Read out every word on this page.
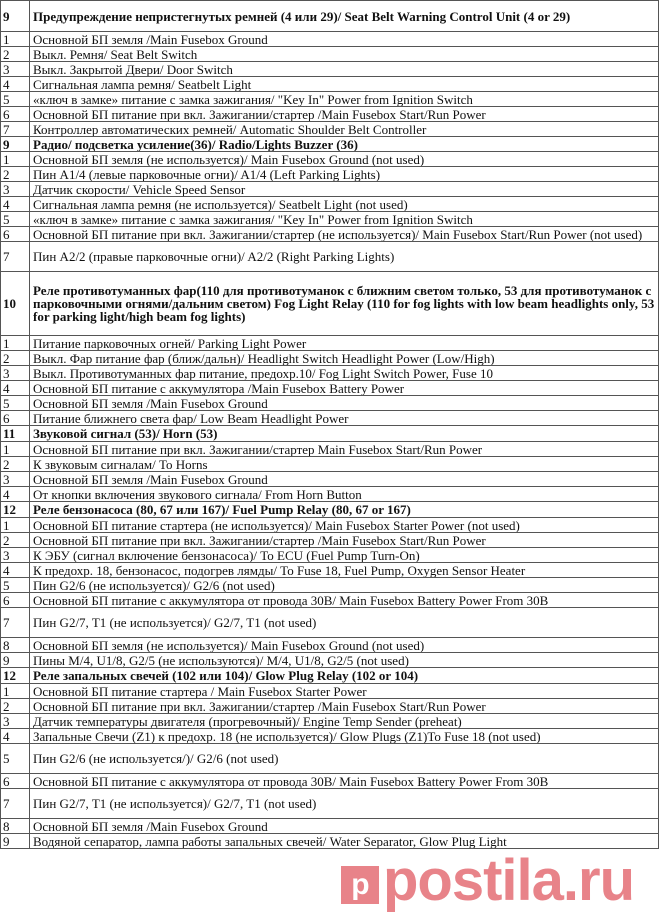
9	Предупреждение непристегнутых ремней (4 или 29)/ Seat Belt Warning Control Unit (4 or 29)
1	Основной БП земля /Main Fusebox Ground
2	Выкл. Ремня/ Seat Belt Switch
3	Выкл. Закрытой Двери/ Door Switch
4	Сигнальная лампа ремня/ Seatbelt Light
5	«ключ в замке» питание с замка зажигания/ "Key In" Power from Ignition Switch
6	Основной БП питание при вкл. Зажигании/стартер /Main Fusebox Start/Run Power
7	Контроллер автоматических ремней/ Automatic Shoulder Belt Controller
9	Радио/ подсветка усиление(36)/ Radio/Lights Buzzer (36)
1	Основной БП земля (не используется)/ Main Fusebox Ground (not used)
2	Пин A1/4 (левые парковочные огни)/ A1/4 (Left Parking Lights)
3	Датчик скорости/ Vehicle Speed Sensor
4	Сигнальная лампа ремня (не используется)/ Seatbelt Light (not used)
5	«ключ в замке» питание с замка зажигания/ "Key In" Power from Ignition Switch
6	Основной БП питание при вкл. Зажигании/стартер (не используется)/ Main Fusebox Start/Run Power (not used)
7	Пин A2/2 (правые парковочные огни)/ A2/2 (Right Parking Lights)
10	Реле противотуманных фар(110 для противотуманок с ближним светом только, 53 для противотуманок с парковочными огнями/дальним светом) Fog Light Relay (110 for fog lights with low beam headlights only, 53 for parking light/high beam fog lights)
1	Питание парковочных огней/ Parking Light Power
2	Выкл. Фар питание фар (ближ/дальн)/ Headlight Switch Headlight Power (Low/High)
3	Выкл. Противотуманных фар питание, предохр.10/ Fog Light Switch Power, Fuse 10
4	Основной БП питание с аккумулятора /Main Fusebox Battery Power
5	Основной БП земля /Main Fusebox Ground
6	Питание ближнего света фар/ Low Beam Headlight Power
11	Звуковой сигнал (53)/ Horn (53)
1	Основной БП питание при вкл. Зажигании/стартер Main Fusebox Start/Run Power
2	К звуковым сигналам/ To Horns
3	Основной БП земля /Main Fusebox Ground
4	От кнопки включения звукового сигнала/ From Horn Button
12	Реле бензонасоса (80, 67 или 167)/ Fuel Pump Relay (80, 67 or 167)
1	Основной БП питание стартера (не используется)/ Main Fusebox Starter Power (not used)
2	Основной БП питание при вкл. Зажигании/стартер /Main Fusebox Start/Run Power
3	К ЭБУ (сигнал включение бензонасоса)/ To ECU (Fuel Pump Turn-On)
4	К предохр. 18, бензонасос, подогрев лямды/ To Fuse 18, Fuel Pump, Oxygen Sensor Heater
5	Пин G2/6 (не используется)/ G2/6 (not used)
6	Основной БП питание с аккумулятора от провода 30B/ Main Fusebox Battery Power From 30B
7	Пин G2/7, T1 (не используется)/ G2/7, T1 (not used)
8	Основной БП земля (не используется)/ Main Fusebox Ground (not used)
9	Пины M/4, U1/8, G2/5 (не используются)/ M/4, U1/8, G2/5 (not used)
12	Реле запальных свечей (102 или 104)/ Glow Plug Relay (102 or 104)
1	Основной БП питание стартера / Main Fusebox Starter Power
2	Основной БП питание при вкл. Зажигании/стартер /Main Fusebox Start/Run Power
3	Датчик температуры двигателя (прогревочный)/ Engine Temp Sender (preheat)
4	Запальные Свечи (Z1) к предохр. 18 (не используется)/ Glow Plugs (Z1)To Fuse 18 (not used)
5	Пин G2/6 (не используется/)/ G2/6 (not used)
6	Основной БП питание с аккумулятора от провода 30B/ Main Fusebox Battery Power From 30B
7	Пин G2/7, T1 (не используется)/ G2/7, T1 (not used)
8	Основной БП земля /Main Fusebox Ground
9	Водяной сепаратор, лампа работы запальных свечей/ Water Separator, Glow Plug Light
p postila.ru
